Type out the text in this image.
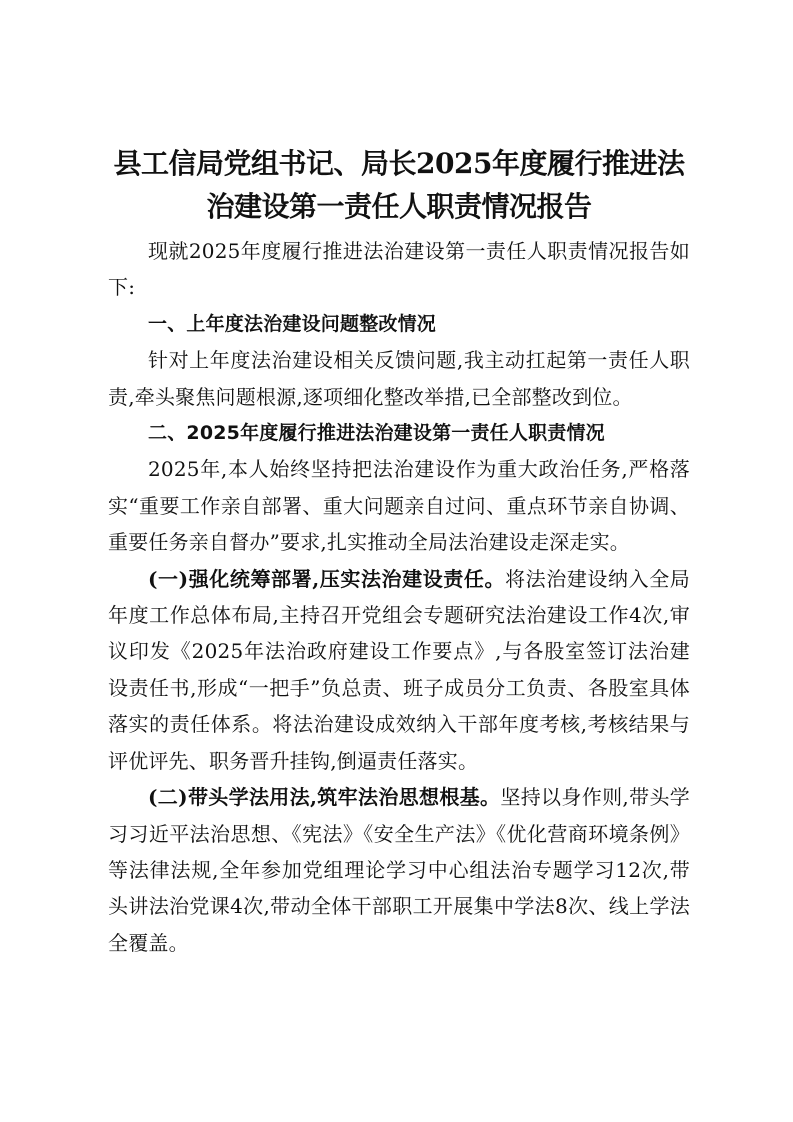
县工信局党组书记、局长2025年度履行推进法
治建设第一责任人职责情况报告

现就2025年度履行推进法治建设第一责任人职责情况报告如下:

一、上年度法治建设问题整改情况

针对上年度法治建设相关反馈问题,我主动扛起第一责任人职责,牵头聚焦问题根源,逐项细化整改举措,已全部整改到位。

二、2025年度履行推进法治建设第一责任人职责情况

2025年,本人始终坚持把法治建设作为重大政治任务,严格落实“重要工作亲自部署、重大问题亲自过问、重点环节亲自协调、重要任务亲自督办”要求,扎实推动全局法治建设走深走实。

(一)强化统筹部署,压实法治建设责任。将法治建设纳入全局年度工作总体布局,主持召开党组会专题研究法治建设工作4次,审议印发《2025年法治政府建设工作要点》,与各股室签订法治建设责任书,形成“一把手”负总责、班子成员分工负责、各股室具体落实的责任体系。将法治建设成效纳入干部年度考核,考核结果与评优评先、职务晋升挂钩,倒逼责任落实。

(二)带头学法用法,筑牢法治思想根基。坚持以身作则,带头学习习近平法治思想、《宪法》《安全生产法》《优化营商环境条例》等法律法规,全年参加党组理论学习中心组法治专题学习12次,带头讲法治党课4次,带动全体干部职工开展集中学法8次、线上学法全覆盖。
